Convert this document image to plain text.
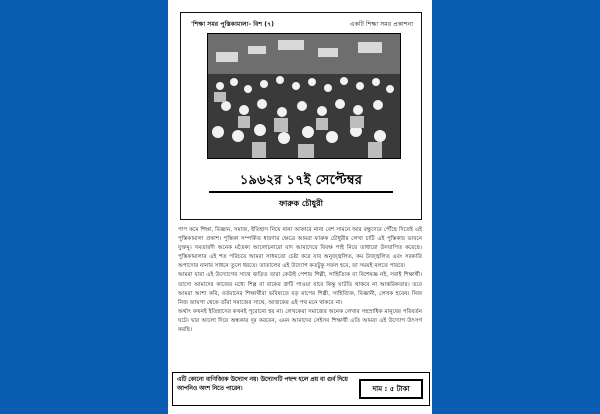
'শিক্ষা সমর পুস্তিকামালা- বিশ (৭)	একটি শিক্ষা সমর প্রকাশনা
১৯৬২র ১৭ই সেপ্টেম্বর
ফারুক চৌধুরী

পাপ কমে শিক্ষা, বিজ্ঞান, সমাজ, ইতিহাস নিয়ে নানা আকারে নানা বেশ সামনে আর বন্ধুদেরে পৌঁছে দিতেই এই পুস্তিকামালা প্রকাশ। পুস্তিকা সম্পর্কিত ধারণার ক্ষেত্রে আমরা ফারুক চৌধুরীর লেখা চাটি এই পুস্তিকার ভাবনে যুক্তমূ। সমতারদী অনেক মতৈক্য আলোচনারো বাদ আমাদেরে বিবক্ষ পাই নিয়ে তাধারো উদযাপিত করেছে। পুস্তিকামালার এই শত পরিচয়ে আমরা সাধমতো চেষ্টা করে যাব অনুজ্জ্বলিত, কম উজ্জ্বলিত এবং সরকারি অপাদোর নানার সাধনে তুলে ধরতে। তাতালের এই উদ্যোগ কতটুকু সফল হবে, তা সময়ই বলতে পারবে।

আমরা যারা এই উদ্যোগের সাথে জড়িত তারা কেউই পেশায় শিল্পী, সাহিত্যিক বা বিশেষজ্ঞ নই, সবাই শিক্ষার্থী। তাসো আমাদের কাজের মধ্যে শিল্প বা বাকের ত্রুটি পাওয়া যাবে কিন্তু ঘাটতি থাকবে না আন্তরিকতার। তবে আমরা আশা করি, বর্তমানের শিক্ষার্থীরা ভবিষ্যতে বড় মাপের শিল্পী, সাহিত্যিক, বিজ্ঞানী, লেখক হবেন। নিজ নিজ জায়গা থেকে তাঁরা সমাজের সাথে, আজকের এই পথ মনে থাকবে না।

অর্থাৎ কখনই ইতিহাসের কখনই পুরোনো হয় না। লেখকেরা সমাজের অনেক লেখার সহস্রাধিক মানুষের পরিবর্তন ঘটে। দ্বার আলো দিয়ে অন্ধকার দূর করবেন, এমন আমাদের সেইসব শিক্ষার্থী এতি আমরা এই উদ্যোগ উৎসর্গ করছি।

এটি কোনো বাণিজ্যিক উদ্যোগ নয়। উদ্যোগটি পছন্দ হলে প্রয় বা গুর্ব দিয়ে আপনিও অংশ নিতে পারেন।	দাম : ৫ টাকা
